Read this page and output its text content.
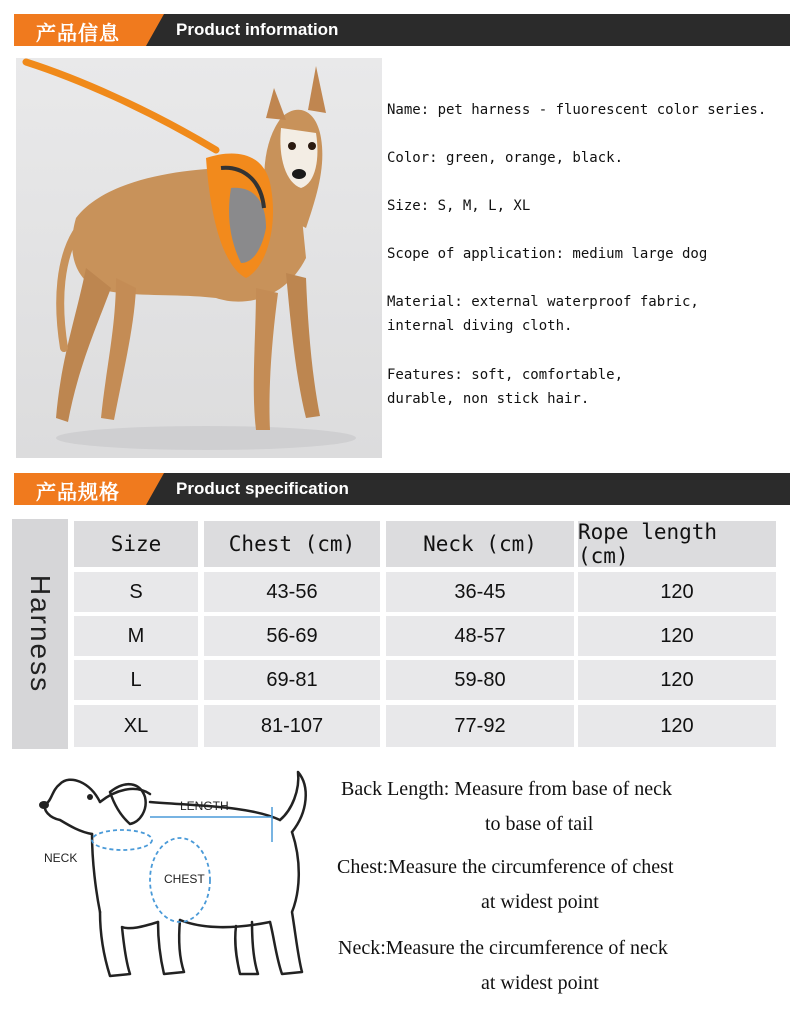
产品信息	Product information
Name: pet harness - fluorescent color series.
Color: green, orange, black.
Size: S, M, L, XL
Scope of application: medium large dog
Material: external waterproof fabric,
internal diving cloth.
Features: soft, comfortable,
durable, non stick hair.
产品规格	Product specification
Harness
Size	Chest (cm)	Neck (cm)	Rope length (cm)
S	43-56	36-45	120
M	56-69	48-57	120
L	69-81	59-80	120
XL	81-107	77-92	120
LENGTH
NECK
CHEST
Back Length: Measure from base of neck
to base of tail
Chest:Measure the circumference of chest
at widest point
Neck:Measure the circumference of neck
at widest point
